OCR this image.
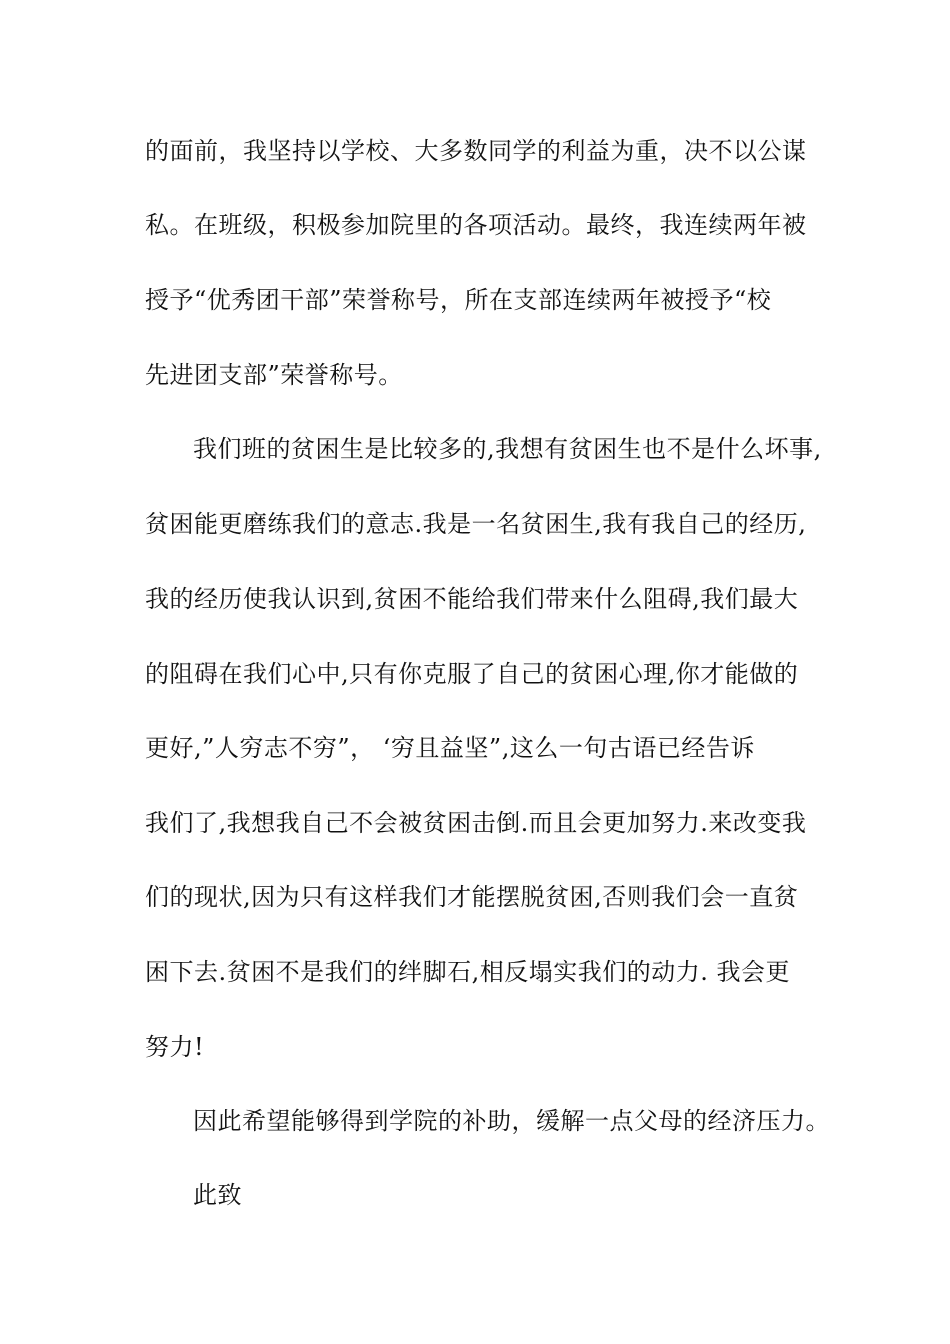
的面前，我坚持以学校、大多数同学的利益为重，决不以公谋
私。在班级，积极参加院里的各项活动。最终，我连续两年被
授予“优秀团干部”荣誉称号，所在支部连续两年被授予“校
先进团支部”荣誉称号。
我们班的贫困生是比较多的,我想有贫困生也不是什么坏事,
贫困能更磨练我们的意志.我是一名贫困生,我有我自己的经历,
我的经历使我认识到,贫困不能给我们带来什么阻碍,我们最大
的阻碍在我们心中,只有你克服了自己的贫困心理,你才能做的
更好,”人穷志不穷”， ‘穷且益坚”,这么一句古语已经告诉
我们了,我想我自己不会被贫困击倒.而且会更加努力.来改变我
们的现状,因为只有这样我们才能摆脱贫困,否则我们会一直贫
困下去.贫困不是我们的绊脚石,相反塌实我们的动力. 我会更
努力!
因此希望能够得到学院的补助，缓解一点父母的经济压力。
此致
